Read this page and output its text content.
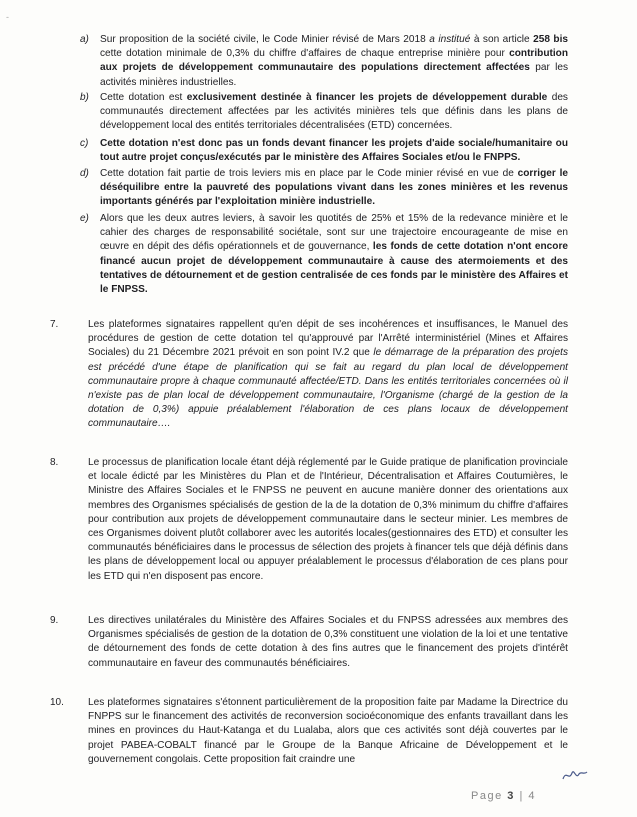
-
a) Sur proposition de la société civile, le Code Minier révisé de Mars 2018 a institué à son article 258 bis cette dotation minimale de 0,3% du chiffre d'affaires de chaque entreprise minière pour contribution aux projets de développement communautaire des populations directement affectées par les activités minières industrielles.
b) Cette dotation est exclusivement destinée à financer les projets de développement durable des communautés directement affectées par les activités minières tels que définis dans les plans de développement local des entités territoriales décentralisées (ETD) concernées.
c) Cette dotation n'est donc pas un fonds devant financer les projets d'aide sociale/humanitaire ou tout autre projet conçus/exécutés par le ministère des Affaires Sociales et/ou le FNPPS.
d) Cette dotation fait partie de trois leviers mis en place par le Code minier révisé en vue de corriger le déséquilibre entre la pauvreté des populations vivant dans les zones minières et les revenus importants générés par l'exploitation minière industrielle.
e) Alors que les deux autres leviers, à savoir les quotités de 25% et 15% de la redevance minière et le cahier des charges de responsabilité sociétale, sont sur une trajectoire encourageante de mise en œuvre en dépit des défis opérationnels et de gouvernance, les fonds de cette dotation n'ont encore financé aucun projet de développement communautaire à cause des atermoiements et des tentatives de détournement et de gestion centralisée de ces fonds par le ministère des Affaires et le FNPSS.
7.	Les plateformes signataires rappellent qu'en dépit de ses incohérences et insuffisances, le Manuel des procédures de gestion de cette dotation tel qu'approuvé par l'Arrêté interministériel (Mines et Affaires Sociales) du 21 Décembre 2021 prévoit en son point IV.2 que le démarrage de la préparation des projets est précédé d'une étape de planification qui se fait au regard du plan local de développement communautaire propre à chaque communauté affectée/ETD. Dans les entités territoriales concernées où il n'existe pas de plan local de développement communautaire, l'Organisme (chargé de la gestion de la dotation de 0,3%) appuie préalablement l'élaboration de ces plans locaux de développement communautaire….
8.	Le processus de planification locale étant déjà réglementé par le Guide pratique de planification provinciale et locale édicté par les Ministères du Plan et de l'Intérieur, Décentralisation et Affaires Coutumières, le Ministre des Affaires Sociales et le FNPSS ne peuvent en aucune manière donner des orientations aux membres des Organismes spécialisés de gestion de la de la dotation de 0,3% minimum du chiffre d'affaires pour contribution aux projets de développement communautaire dans le secteur minier. Les membres de ces Organismes doivent plutôt collaborer avec les autorités locales(gestionnaires des ETD) et consulter les communautés bénéficiaires dans le processus de sélection des projets à financer tels que déjà définis dans les plans de développement local ou appuyer préalablement le processus d'élaboration de ces plans pour les ETD qui n'en disposent pas encore.
9.	Les directives unilatérales du Ministère des Affaires Sociales et du FNPSS adressées aux membres des Organismes spécialisés de gestion de la dotation de 0,3% constituent une violation de la loi et une tentative de détournement des fonds de cette dotation à des fins autres que le financement des projets d'intérêt communautaire en faveur des communautés bénéficiaires.
10. Les plateformes signataires s'étonnent particulièrement de la proposition faite par Madame la Directrice du FNPPS sur le financement des activités de reconversion socioéconomique des enfants travaillant dans les mines en provinces du Haut-Katanga et du Lualaba, alors que ces activités sont déjà couvertes par le projet PABEA-COBALT financé par le Groupe de la Banque Africaine de Développement et le gouvernement congolais. Cette proposition fait craindre une
Page 3 | 4
